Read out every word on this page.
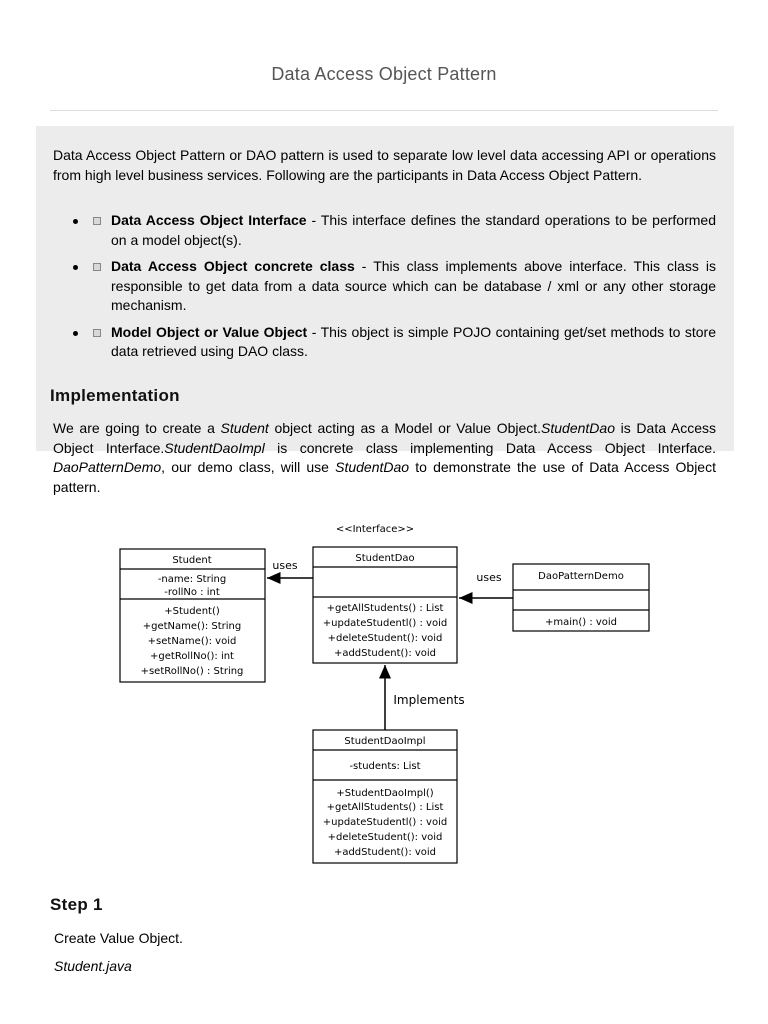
Data Access Object Pattern
Data Access Object Pattern or DAO pattern is used to separate low level data accessing API or operations from high level business services. Following are the participants in Data Access Object Pattern.
Data Access Object Interface - This interface defines the standard operations to be performed on a model object(s).
Data Access Object concrete class - This class implements above interface. This class is responsible to get data from a data source which can be database / xml or any other storage mechanism.
Model Object or Value Object - This object is simple POJO containing get/set methods to store data retrieved using DAO class.
Implementation
We are going to create a Student object acting as a Model or Value Object.StudentDao is Data Access Object Interface.StudentDaoImpl is concrete class implementing Data Access Object Interface. DaoPatternDemo, our demo class, will use StudentDao to demonstrate the use of Data Access Object pattern.
<<Interface>>
Student
-name: String
-rollNo : int
+Student()
+getName(): String
+setName(): void
+getRollNo(): int
+setRollNo() : String
StudentDao
+getAllStudents() : List
+updateStudentl() : void
+deleteStudent(): void
+addStudent(): void
DaoPatternDemo
+main() : void
StudentDaoImpl
-students: List
+StudentDaoImpl()
+getAllStudents() : List
+updateStudentl() : void
+deleteStudent(): void
+addStudent(): void
uses
uses
Implements
Step 1
Create Value Object.
Student.java
